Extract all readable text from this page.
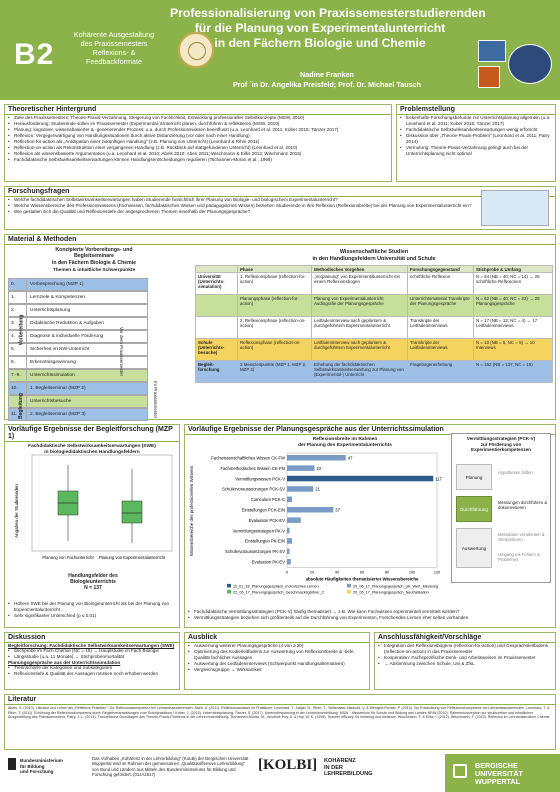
B2
Kohärente Ausgestaltung
des Praxissemesters
Reflexions- &
Feedbackformate
Professionalisierung von Praxissemesterstudierenden
für die Planung von Experimentalunterricht
in den Fächern Biologie und Chemie
Nadine Franken
Prof ´in Dr. Angelika Preisfeld; Prof. Dr. Michael Tausch
Theoretischer Hintergrund
• Ziele des Praxissemesters: Theorie-Praxis-Verzahnung, Steigerung von Fachlichkeit, Entwicklung professioneller Selbstkonzepte (MSW, 2010)
• Herausforderung: Studierende sollen im Praxissemester (Experimental-)Unterricht planen, durchführen & reflektieren (MSW, 2010)
• Planung: kognitiver, wissensbasierter & -generierender Prozess; u.a. durch Professionswissen beeinflusst (u.a. Leonhard et al. 2011; Kober 2015; Tänzer 2017)
• Reflexion: Vergegenwärtigung von Handlungssituationen durch aktive Distanzierung (vor oder nach einer Handlung)
• Reflection-for-action als „Antizipation einer zukünftigen Handlung" (z.B. Planung von Unterricht) (Leonhard & Rihm 2011)
• Reflection-on-action als Rekonstruktion einer vergangenen Handlung (z.B. Rückblick auf stattgefundenen Unterricht) (Leonhard et al. 2010)
• Reflexion als wissensbasierte Argumentation (u.a. Leonhard et al. 2010; Abels 2010; Aben 2011; Wischmann & Eilks 2012; Wischmann 2015)
• Fachdidaktische Selbstwirksamkeitserwartungen können Handlungsentscheidungen regulieren (Tschannen-Moran et al., 1998)
Problemstellung
• lückenhafte Forschungsbefunde zur Unterrichtsplanung allgemein (u.a. Leonhard et al. 2011; Kober 2015; Tänzer 2017)
• Fachdidaktische Selbstwirksamkeitserwartungen wenig erforscht
• Diskussion über „Theorie-Praxis-Problem" (Leonhard et al. 2011; Patry 2014)
• Vermutung: Theorie-Praxis-Verzahnung gelingt auch bei der Unterrichtsplanung nicht optimal
Forschungsfragen
• Welche fachdidaktischen Selbstwirksamkeitserwartungen haben Studierende hinsichtlich ihrer Planung von Biologie- und biologischem Experimentalunterricht?
• Welche Wissensbereiche des Professionswissens (Fachwissen, fachdidaktisches Wissen und pädagogisches Wissen) beziehen Studierende in ihre Reflexion (Reflexionsbreite) bei der Planung von Experimentalunterricht ein?
• Wie gestalten sich die Qualität und Reflexionstiefe der angesprochenen Themen innerhalb der Planungsgespräche?
Material & Methoden
Konzipierte Vorbereitungs- und
Begleitseminare
in den Fächern Biologie & Chemie
Themen & inhaltliche Schwerpunkte
0.	Vorbesprechung (MZP 1)
1.	Lernziele & Kompetenzen
2.	Unterrichtsplanung
3.	Didaktische Reduktion & Aufgaben
4.	Diagnose & individuelle Förderung
5.	Sicherheit im NW-Unterricht
6.	Erkenntnisgewinnung
7.-9.	Unterrichtssimulation
10.	1. Begleitseminar (MZP 2)
Unterrichtsbesuche
11.	2. Begleitseminar (MZP 3)
Vorbereitung
Begleitung
Vor dem Praxissemester
Im Praxissemester
Wissenschaftliche Studien
in den Handlungsfeldern Universität und Schule
	Phase	Methodisches Vorgehen	Forschungsgegenstand	Stichprobe & Umfang
Universität (Unterrichts-simulation)	1. Reflexionsphase (reflection-for-action)	„Vorplanung" von Experimentalunterricht mit einem Reflexionsbogen	schriftliche Reflexion	N = 54 (NB = 40; NC = 14) → 25 schriftliche Reflexionen
	Planungsphase (reflection-for-action)	Planung von Experimentalunterricht Audiografie der Planungsgespräche	Unterrichtsmaterial Transkripte der Planungsgespräche	N = 62 (NB = 40; NC = 22) → 29 Planungsgespräche
	2. Reflexionsphase (reflection-on-action)	Leitfadeninterview nach geplantem & durchgeführtem Experimentalunterricht	Transkripte der Leitfadeninterviews	N = 17 (NB = 13; NC = 4) → 17 Leitfadeninterviews
Schule (Unterrichts-besuche)	Reflexionsphase (reflection-on-action)	Leitfadeninterview nach geplantem & durchgeführtem Experimentalunterricht	Transkripte der Leitfadeninterviews	N = 10 (NB = 5; NC = 5) → 10 Interviews
Begleit-forschung	3 Messzeitpunkte (MZP 1, MZP 2, MZP 3)	Erhebung der fachdidaktischen Selbstwirksamkeitserwartung zur Planung von (Experimental-) Unterricht	Fragebogenerhebung	N = 152 (NB = 137; NC = 15)
Vorläufige Ergebnisse der Begleitforschung (MZP 1)
Fachdidaktische Selbstwirksamkeitserwartungen (SWE)
in biologiedidaktischen Handlungsfeldern
Angaben der Studierenden
Planung von Fachunterricht Planung von Experimentalunterricht
Handlungsfelder des
Biologieunterrichts
N = 137
• Höhere SWE bei der Planung von Biologieunterricht als bei der Planung von Experimentalunterricht
• Sehr signifikanter Unterschied (p ≤ 0,01)
Vorläufige Ergebnisse der Planungsgespräche aus der Unterrichtssimulation
Reflexionsbreite im Rahmen
der Planung des Experimentalunterrichts
Wissensbereiche des professionellen Wissens
Fachwissenschaftliches Wissen CK-FW	47
Fachmethodisches Wissen CK-FM	22
Vermittlungswissen PCK-V	117
Schülervoraussetzungen PCK-SV	21
Curriculum PCK-C
Einstellungen PCK-EIN	37
Evaluation PCK-EV
Vermittlungsstrategien PK-V
Einstellungen PK-EIN
Schülervoraussetzungen PK-SV
Evaluation PK-EV
0	20	40	60	80	100	120
absolute Häufigkeiten thematisierter Wissensbereiche
11_01_18_Planungsgespräch_motorisches Lernen	20_06_17_Planungsgespräch_pH_Wert_Messung
22_06_17_Planungsgespräch_Geschmacksgärtner_C	20_06_17_Planungsgespräch_Neutralisation
Vermittlungsstrategien (PCK-V)
zur Förderung von
Experimentierkompetenzen
Planung
Durchführung
Auswertung
Hypothesen bilden
Messungen durchführen & dokumentieren
Messdaten verarbeiten & interpretieren
Umgang mit Fehlern & Problemen
• Fachdidaktische Vermittlungsstrategien (PCK-V) häufig thematisiert → z.B. Wie kann Fachwissen experimentell vermittelt werden?
• Vermittlungsstrategien beziehen sich größtenteils auf die Durchführung von Experimenten, Forschendes Lernen eher selten vorhanden
Diskussion
Begleitforschung: Fachdidaktische Selbstwirksamkeitserwartungen (SWE)
• Stichprobe im Fach Chemie (NC = 15) → Hauptstudie im Fach Biologie
• Längsstudie (u.a. 11 Monate) → Stichprobenmortalität
Planungsgespräche aus der Unterrichtssimulation
• Trennschärfe der Kategorien und Subkategorien
• Reflexionstiefe & Qualität der Aussagen müssen noch erhoben werden
Ausblick
• Auswertung weiterer Planungsgespräche (4 von ≥ 20)
• Optimierung des Kodierleitfadens zur Auswertung von Reflexionsbreite & -tiefe, Qualität fachlicher Aussagen
• Auswertung der Leitfadeninterviews (Schwerpunkt Handlungsalternativen)
• Vergleichsgruppe → Wirksamkeit
Anschlussfähigkeit/Vorschläge
• Integration des Reflexionsbogens (reflection-for-action) und Gesprächsleitfadens (reflection-on-action) in das Praxissemester
• Kooperation: Fachspezifische Denk- und Arbeitsweisen im Praxissemester
• → Abstimmung zwischen Schule, Uni & ZfsL
Literatur
Abels, S. (2010). Literatur und Lehrer als „Reflektive Praktiker". Zur Reflexionskompetenz bei Lehramtsstudierenden. Aben, A. (2011). Reflexionsanlässe im Praktikum. Leonhard, T., Nagel, N., Rihm, T., Strittmatter-Haubold, V. & Wengert-Richter, P. (2010). Zur Entwicklung von Reflexionskompetenz bei Lehramtsstudierenden. Leonhard, T. & Rihm, T. (2011). Erhöhung der Reflexionskompetenz durch Begleitveranstaltungen zum Schulpraktikum? Kober, J. (2015). Unterrichtsplanung. Tänzer, S. (2017). Unterrichtsplanung in der Lehrer/innenbildung. MSW - Ministerium für Schule und Bildung des Landes NRW (2010). Rahmenkonzeption zur strukturellen und inhaltlichen Ausgestaltung des Praxissemesters. Patry, J.-L. (2014). Theoretische Grundlagen des Theorie-Praxis-Problems in der Lehrer/innenbildung. Tschannen-Moran, M., Woolfolk Hoy, A. & Hoy, W. K. (1998). Teacher efficacy: Its meaning and measure. Wischmann, F. & Eilks, I. (2012). Wischmann, F. (2015). Reflexion im Lehramtsstudium Chemie.
Bundesministerium
für Bildung
und Forschung
Das Vorhaben „Kohärenz in der Lehrerbildung" (KoLBi) der Bergischen Universität Wuppertal wird im Rahmen der gemeinsamen „Qualitätsoffensive Lehrerbildung" von Bund und Ländern aus Mitteln des Bundesministeriums für Bildung und Forschung gefördert. (01JA1517)
[KOLBI] KOHÄRENZ
IN DER
LEHRERBILDUNG
BERGISCHE
UNIVERSITÄT
WUPPERTAL
